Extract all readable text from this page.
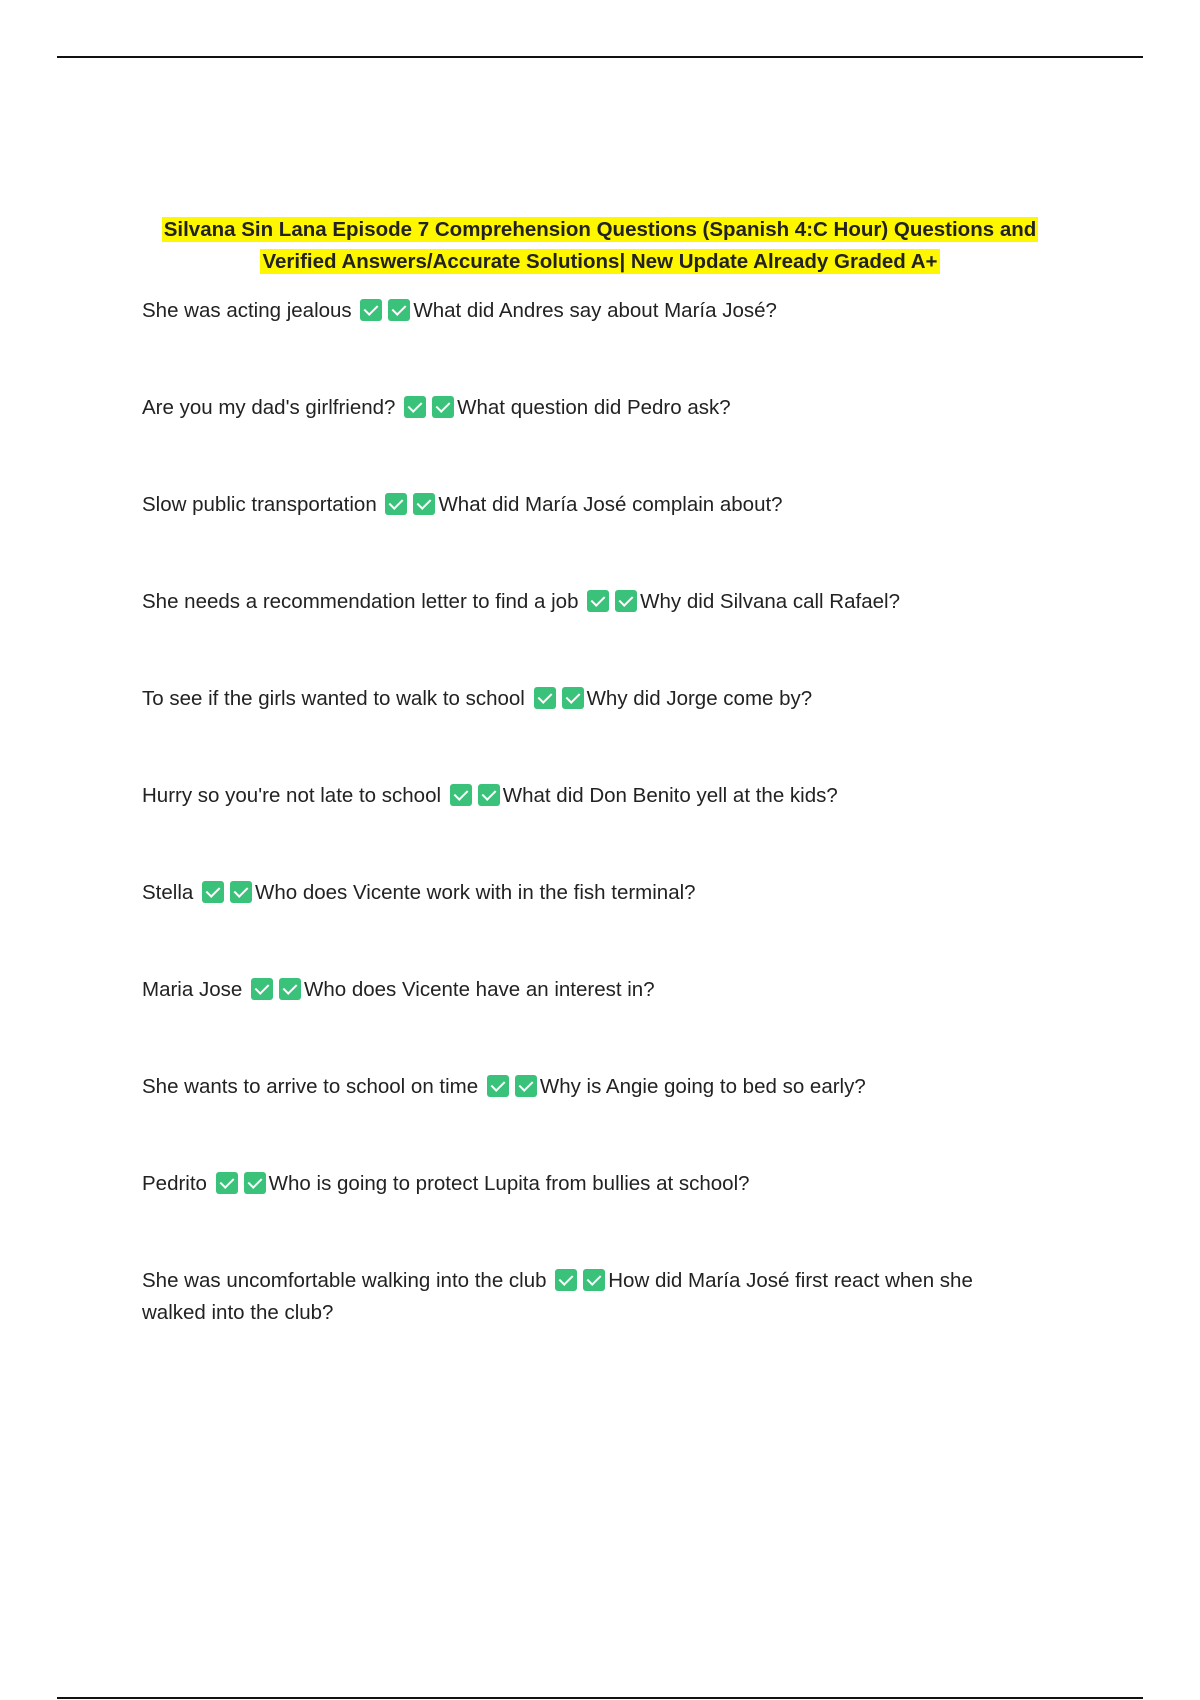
Silvana Sin Lana Episode 7 Comprehension Questions (Spanish 4:C Hour) Questions and
Verified Answers/Accurate Solutions| New Update Already Graded A+
She was acting jealous	What did Andres say about María José?
Are you my dad's girlfriend?	What question did Pedro ask?
Slow public transportation	What did María José complain about?
She needs a recommendation letter to find a job	Why did Silvana call Rafael?
To see if the girls wanted to walk to school	Why did Jorge come by?
Hurry so you're not late to school	What did Don Benito yell at the kids?
Stella	Who does Vicente work with in the fish terminal?
Maria Jose	Who does Vicente have an interest in?
She wants to arrive to school on time	Why is Angie going to bed so early?
Pedrito	Who is going to protect Lupita from bullies at school?
She was uncomfortable walking into the club	How did María José first react when she walked into the club?
